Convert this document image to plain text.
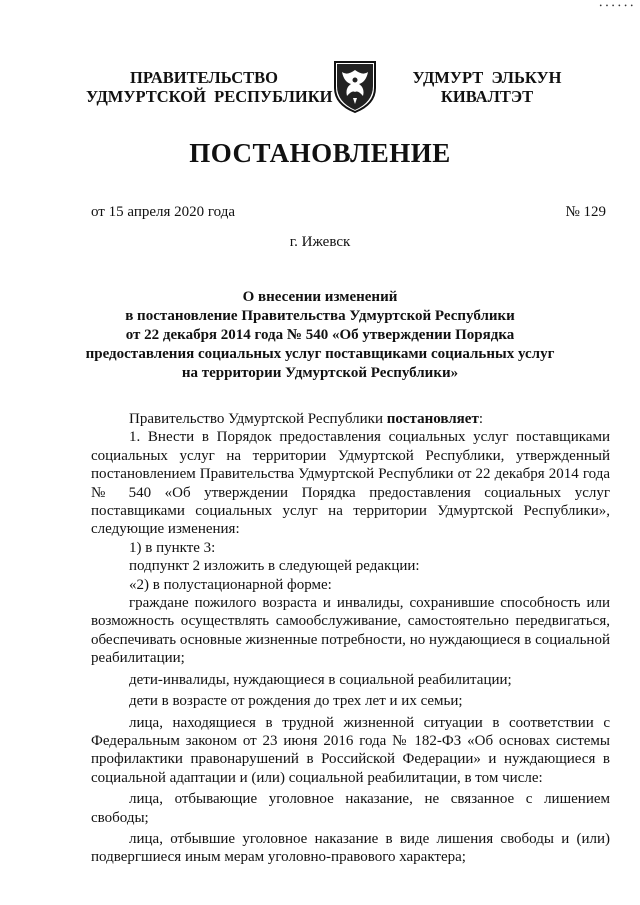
• • • • • •
ПРАВИТЕЛЬСТВО
УДМУРТСКОЙ  РЕСПУБЛИКИ
УДМУРТ  ЭЛЬКУН
КИВАЛТЭТ
ПОСТАНОВЛЕНИЕ
от 15 апреля 2020 года	№ 129
г. Ижевск
О внесении изменений
в постановление Правительства Удмуртской Республики
от 22 декабря 2014 года № 540 «Об утверждении Порядка
предоставления социальных услуг поставщиками социальных услуг
на территории Удмуртской Республики»

Правительство Удмуртской Республики постановляет:

1. Внести в Порядок предоставления социальных услуг поставщиками социальных услуг на территории Удмуртской Республики, утвержденный постановлением Правительства Удмуртской Республики от 22 декабря 2014 года № 540 «Об утверждении Порядка предоставления социальных услуг поставщиками социальных услуг на территории Удмуртской Республики», следующие изменения:

1) в пункте 3:

подпункт 2 изложить в следующей редакции:

«2) в полустационарной форме:

граждане пожилого возраста и инвалиды, сохранившие способность или возможность осуществлять самообслуживание, самостоятельно передвигаться, обеспечивать основные жизненные потребности, но нуждающиеся в социальной реабилитации;

дети-инвалиды, нуждающиеся в социальной реабилитации;

дети в возрасте от рождения до трех лет и их семьи;

лица, находящиеся в трудной жизненной ситуации в соответствии с Федеральным законом от 23 июня 2016 года № 182-ФЗ «Об основах системы профилактики правонарушений в Российской Федерации» и нуждающиеся в социальной адаптации и (или) социальной реабилитации, в том числе:

лица, отбывающие уголовное наказание, не связанное с лишением свободы;

лица, отбывшие уголовное наказание в виде лишения свободы и (или) подвергшиеся иным мерам уголовно-правового характера;
